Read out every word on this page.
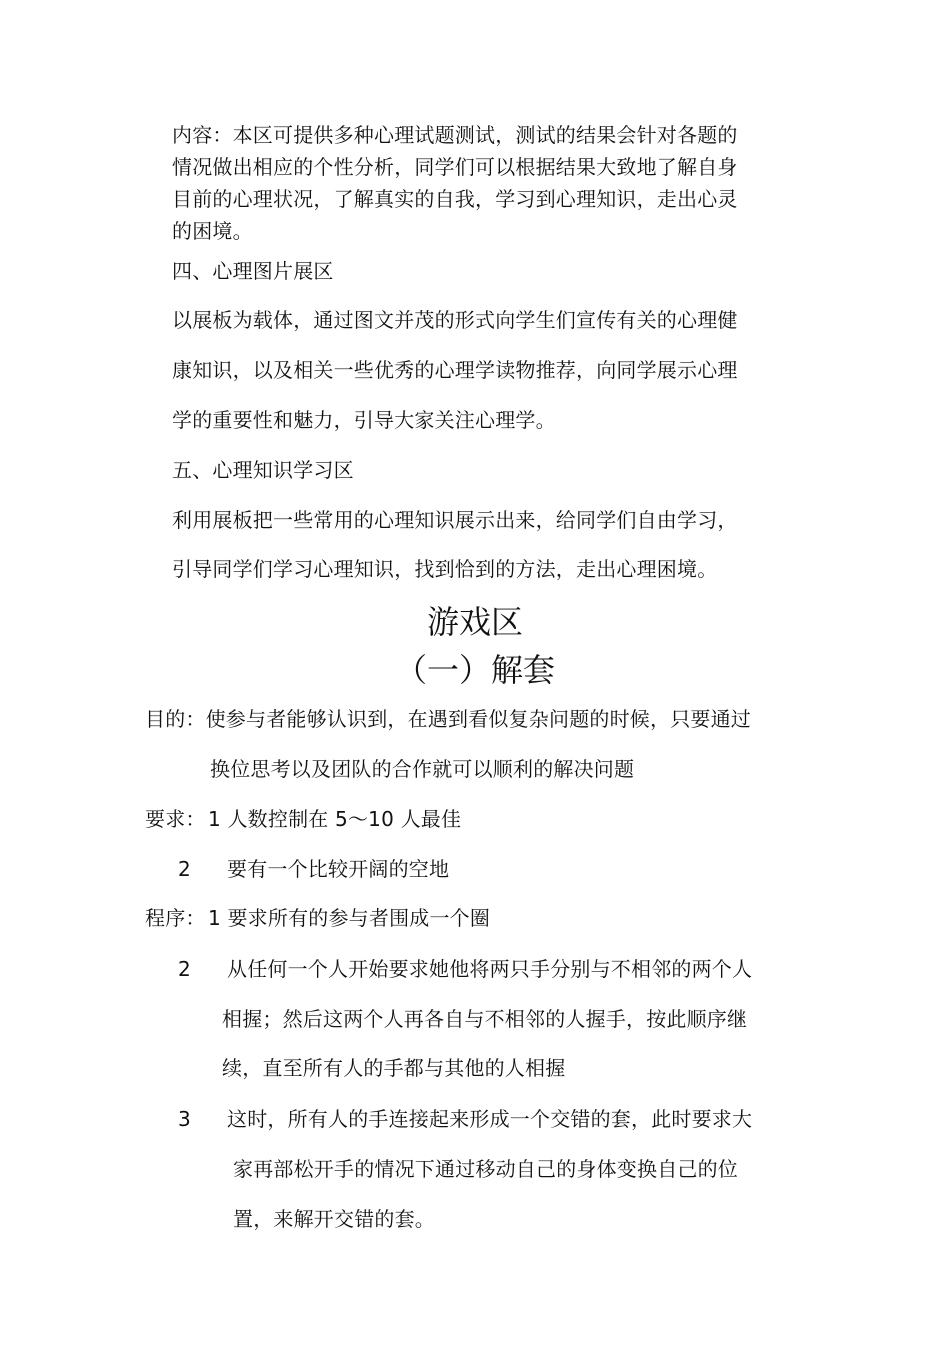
内容：本区可提供多种心理试题测试，测试的结果会针对各题的
情况做出相应的个性分析，同学们可以根据结果大致地了解自身
目前的心理状况，了解真实的自我，学习到心理知识，走出心灵
的困境。
四、心理图片展区
以展板为载体，通过图文并茂的形式向学生们宣传有关的心理健
康知识，以及相关一些优秀的心理学读物推荐，向同学展示心理
学的重要性和魅力，引导大家关注心理学。
五、心理知识学习区
利用展板把一些常用的心理知识展示出来，给同学们自由学习，
引导同学们学习心理知识，找到恰到的方法，走出心理困境。
游戏区
（一）解套
目的：使参与者能够认识到，在遇到看似复杂问题的时候，只要通过
换位思考以及团队的合作就可以顺利的解决问题
要求： 1 人数控制在 5～10 人最佳
2 要有一个比较开阔的空地
程序： 1 要求所有的参与者围成一个圈
2 从任何一个人开始要求她他将两只手分别与不相邻的两个人
相握；然后这两个人再各自与不相邻的人握手，按此顺序继
续，直至所有人的手都与其他的人相握
3 这时，所有人的手连接起来形成一个交错的套，此时要求大
家再部松开手的情况下通过移动自己的身体变换自己的位
置，来解开交错的套。
